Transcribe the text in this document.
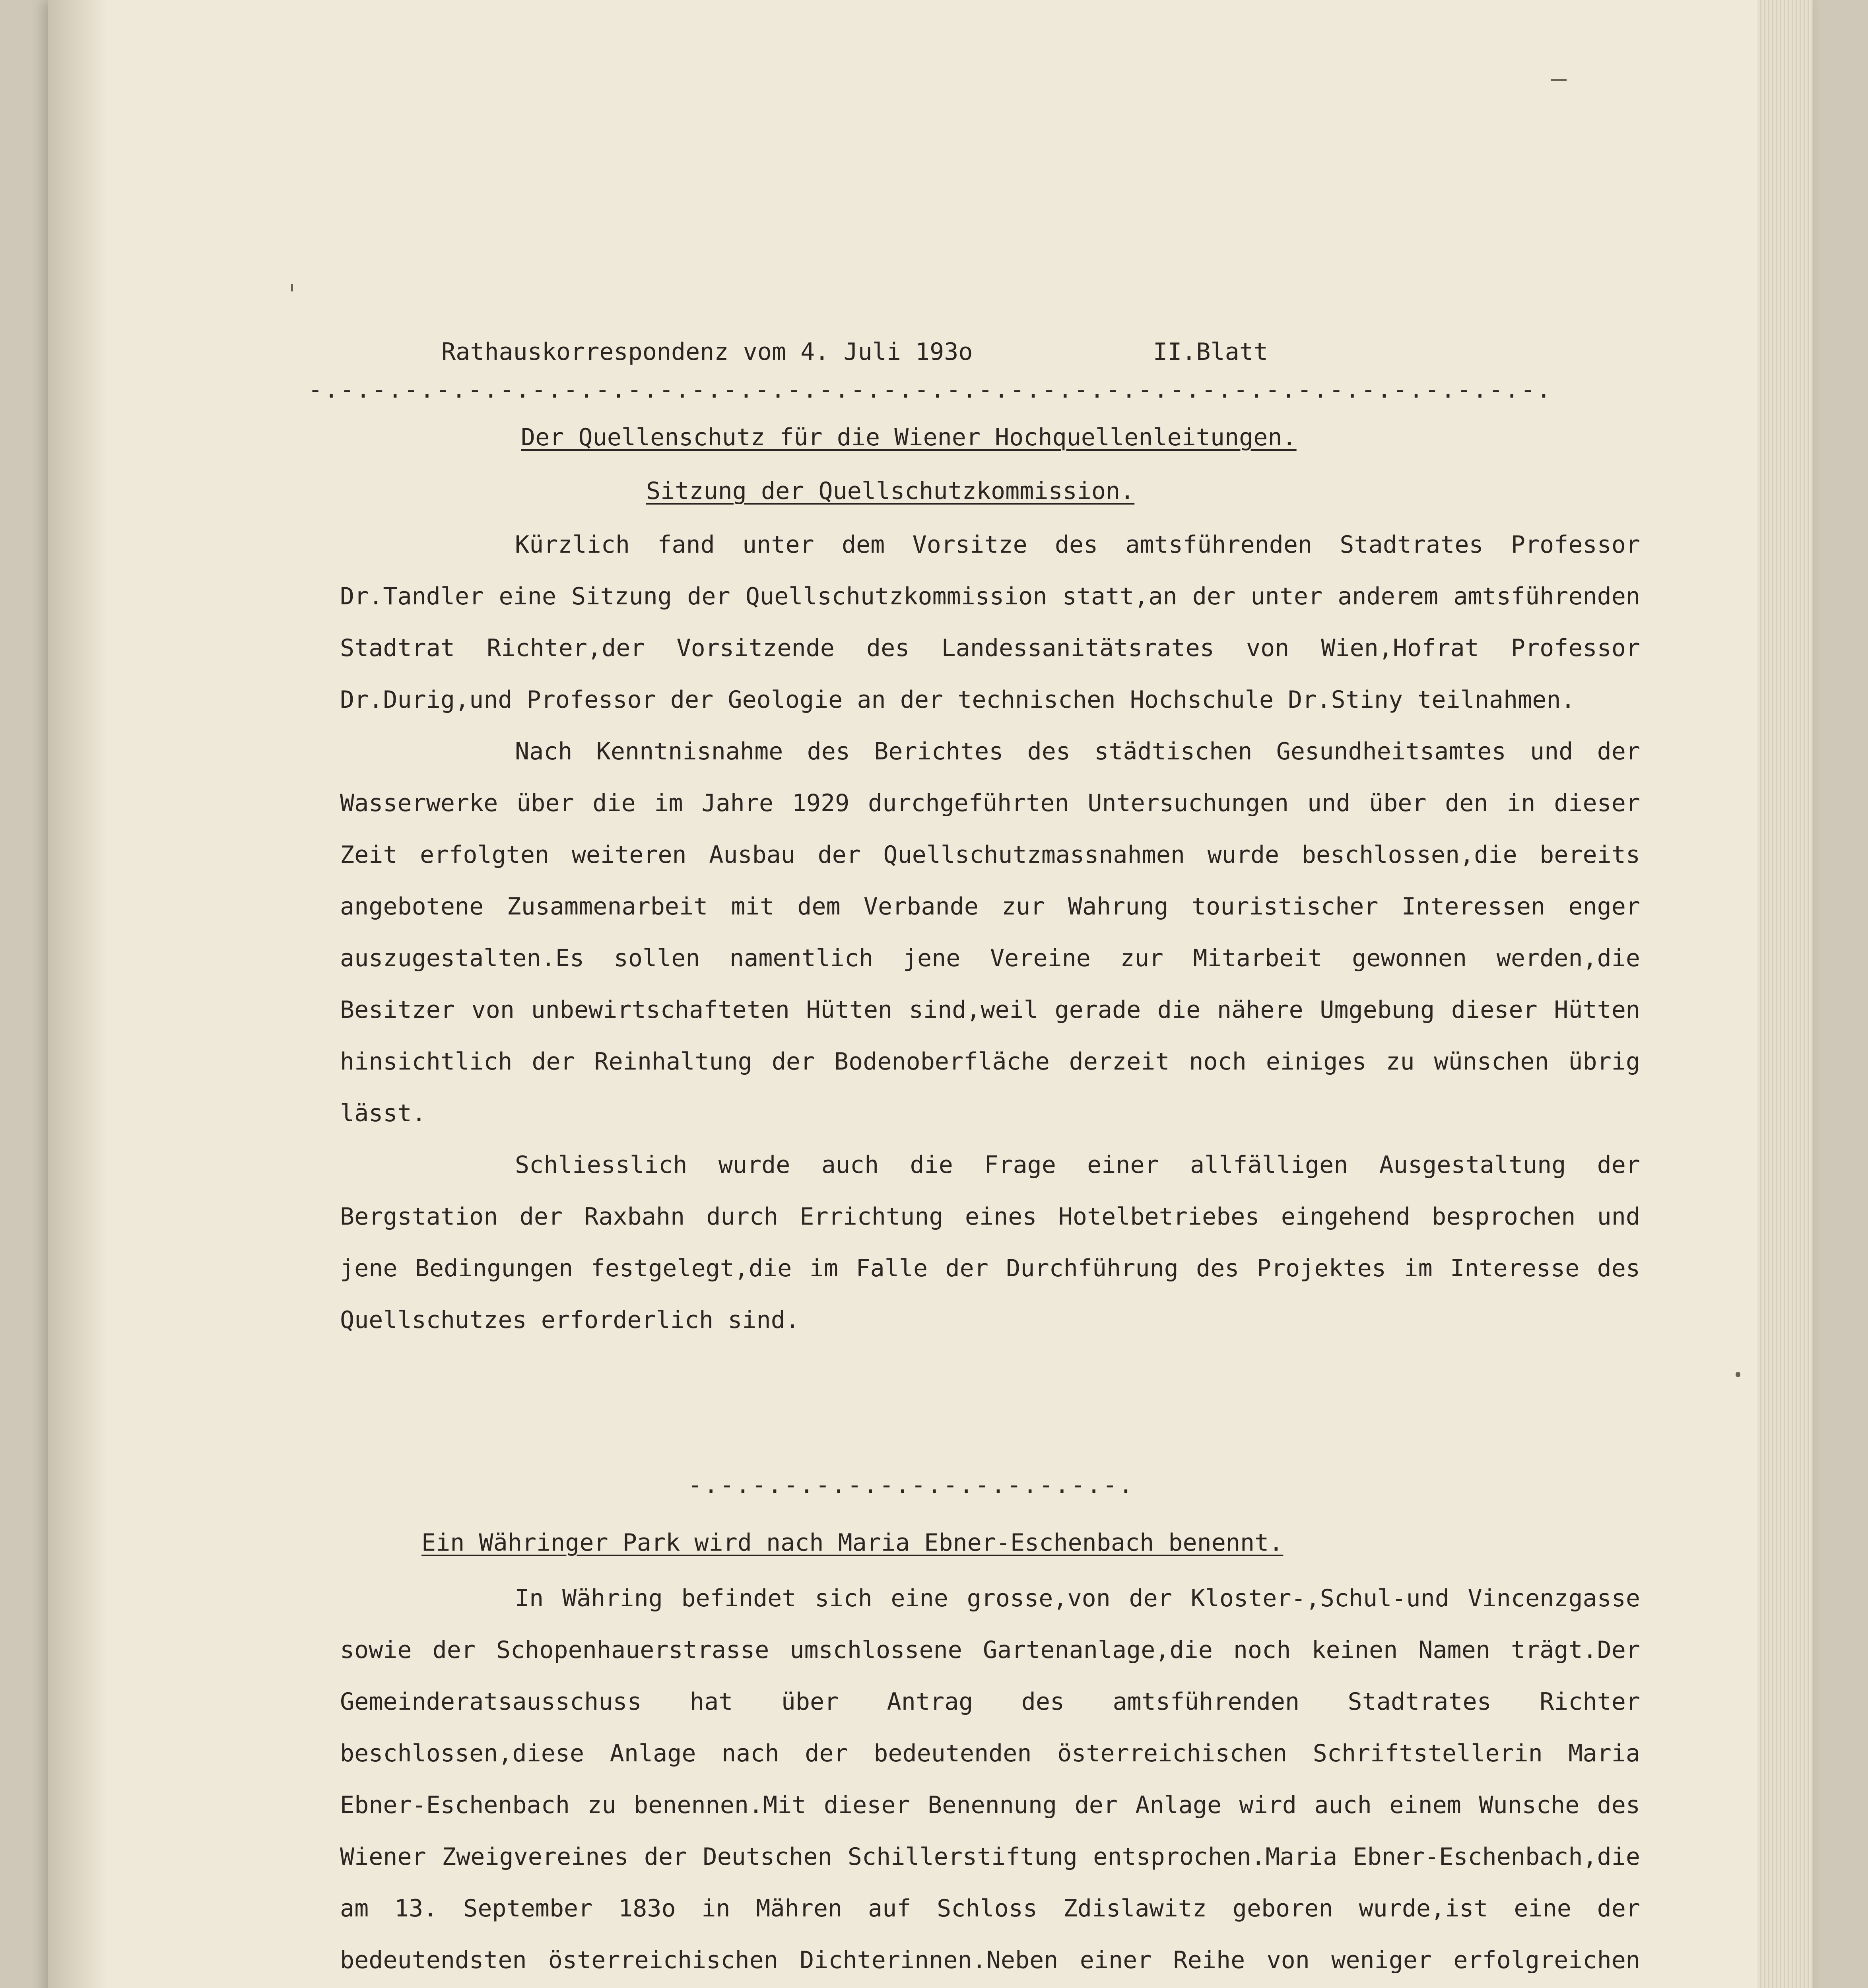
Rathauskorrespondenz vom 4. Juli 193o	II.Blatt
-.-.-.-.-.-.-.-.-.-.-.-.-.-.-.-.-.-.-.-.-.-.-.-.-.-.-.-.-.-.-.-.-.-.-.-.-.-.-.
Der Quellenschutz für die Wiener Hochquellenleitungen.
Sitzung der Quellschutzkommission.

Kürzlich fand unter dem Vorsitze des amtsführenden Stadtrates Professor Dr.Tandler eine Sitzung der Quellschutzkommission statt,an der unter anderem amtsführenden Stadtrat Richter,der Vorsitzende des Landessanitätsrates von Wien,Hofrat Professor Dr.Durig,und Professor der Geologie an der technischen Hochschule Dr.Stiny teilnahmen.

Nach Kenntnisnahme des Berichtes des städtischen Gesundheitsamtes und der Wasserwerke über die im Jahre 1929 durchgeführten Untersuchungen und über den in dieser Zeit erfolgten weiteren Ausbau der Quellschutzmassnahmen wurde beschlossen,die bereits angebotene Zusammenarbeit mit dem Verbande zur Wahrung touristischer Interessen enger auszugestalten.Es sollen namentlich jene Vereine zur Mitarbeit gewonnen werden,die Besitzer von unbewirtschafteten Hütten sind,weil gerade die nähere Umgebung dieser Hütten hinsichtlich der Reinhaltung der Bodenoberfläche derzeit noch einiges zu wünschen übrig lässt.

Schliesslich wurde auch die Frage einer allfälligen Ausgestaltung der Bergstation der Raxbahn durch Errichtung eines Hotelbetriebes eingehend besprochen und jene Bedingungen festgelegt,die im Falle der Durchführung des Projektes im Interesse des Quellschutzes erforderlich sind.

-.-.-.-.-.-.-.-.-.-.-.-.-.-.
Ein Währinger Park wird nach Maria Ebner-Eschenbach benennt.

In Währing befindet sich eine grosse,von der Kloster-,Schul-und Vincenzgasse sowie der Schopenhauerstrasse umschlossene Gartenanlage,die noch keinen Namen trägt.Der Gemeinderatsausschuss hat über Antrag des amtsführenden Stadtrates Richter beschlossen,diese Anlage nach der bedeutenden österreichischen Schriftstellerin Maria Ebner-Eschenbach zu benennen.Mit dieser Benennung der Anlage wird auch einem Wunsche des Wiener Zweigvereines der Deutschen Schillerstiftung entsprochen.Maria Ebner-Eschenbach,die am 13. September 183o in Mähren auf Schloss Zdislawitz geboren wurde,ist eine der bedeutendsten österreichischen Dichterinnen.Neben einer Reihe von weniger erfolgreichen
